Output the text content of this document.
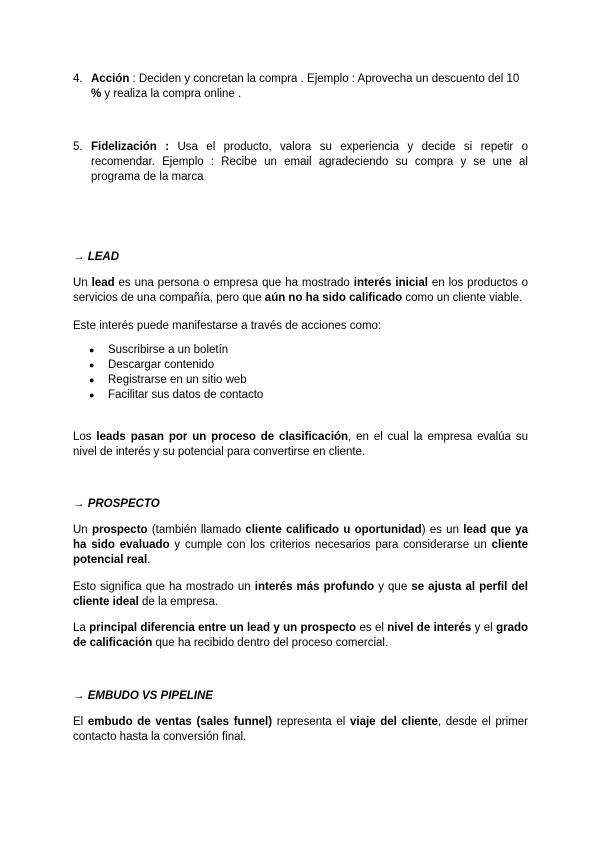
4. Acción : Deciden y concretan la compra . Ejemplo : Aprovecha un descuento del 10
% y realiza la compra online .
5. Fidelización : Usa el producto, valora su experiencia y decide si repetir o recomendar. Ejemplo : Recibe un email agradeciendo su compra y se une al programa de la marca
→ LEAD
Un lead es una persona o empresa que ha mostrado interés inicial en los productos o servicios de una compañía, pero que aún no ha sido calificado como un cliente viable.
Este interés puede manifestarse a través de acciones como:
● Suscribirse a un boletín
● Descargar contenido
● Registrarse en un sitio web
● Facilitar sus datos de contacto
Los leads pasan por un proceso de clasificación, en el cual la empresa evalúa su nivel de interés y su potencial para convertirse en cliente.
→ PROSPECTO
Un prospecto (también llamado cliente calificado u oportunidad) es un lead que ya ha sido evaluado y cumple con los criterios necesarios para considerarse un cliente potencial real.
Esto significa que ha mostrado un interés más profundo y que se ajusta al perfil del cliente ideal de la empresa.
La principal diferencia entre un lead y un prospecto es el nivel de interés y el grado de calificación que ha recibido dentro del proceso comercial.
→ EMBUDO VS PIPELINE
El embudo de ventas (sales funnel) representa el viaje del cliente, desde el primer contacto hasta la conversión final.
